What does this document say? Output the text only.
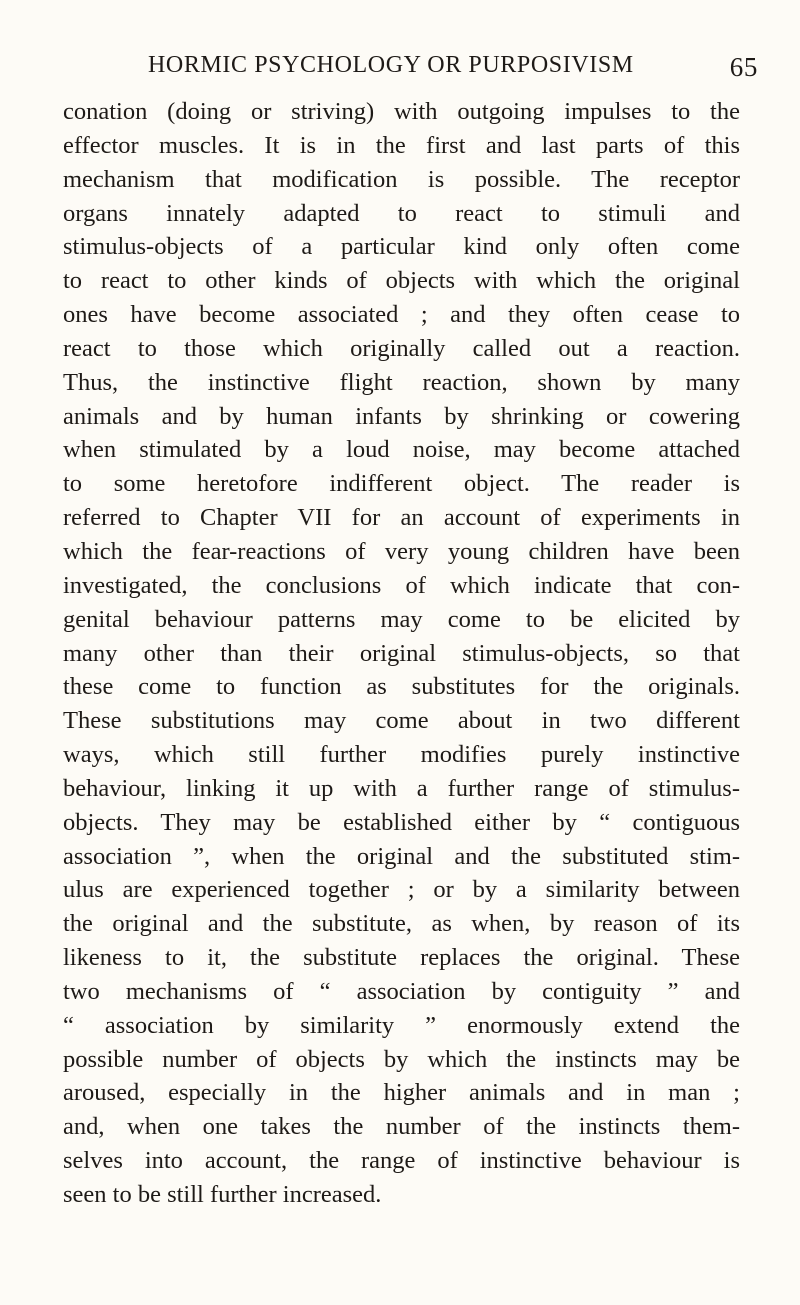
HORMIC PSYCHOLOGY OR PURPOSIVISM	65
conation (doing or striving) with outgoing impulses to the
effector muscles. It is in the first and last parts of this
mechanism that modification is possible. The receptor
organs innately adapted to react to stimuli and
stimulus-objects of a particular kind only often come
to react to other kinds of objects with which the original
ones have become associated ; and they often cease to
react to those which originally called out a reaction.
Thus, the instinctive flight reaction, shown by many
animals and by human infants by shrinking or cowering
when stimulated by a loud noise, may become attached
to some heretofore indifferent object. The reader is
referred to Chapter VII for an account of experiments in
which the fear-reactions of very young children have been
investigated, the conclusions of which indicate that con-
genital behaviour patterns may come to be elicited by
many other than their original stimulus-objects, so that
these come to function as substitutes for the originals.
These substitutions may come about in two different
ways, which still further modifies purely instinctive
behaviour, linking it up with a further range of stimulus-
objects. They may be established either by “ contiguous
association ”, when the original and the substituted stim-
ulus are experienced together ; or by a similarity between
the original and the substitute, as when, by reason of its
likeness to it, the substitute replaces the original. These
two mechanisms of “ association by contiguity ” and
“ association by similarity ” enormously extend the
possible number of objects by which the instincts may be
aroused, especially in the higher animals and in man ;
and, when one takes the number of the instincts them-
selves into account, the range of instinctive behaviour is
seen to be still further increased.
